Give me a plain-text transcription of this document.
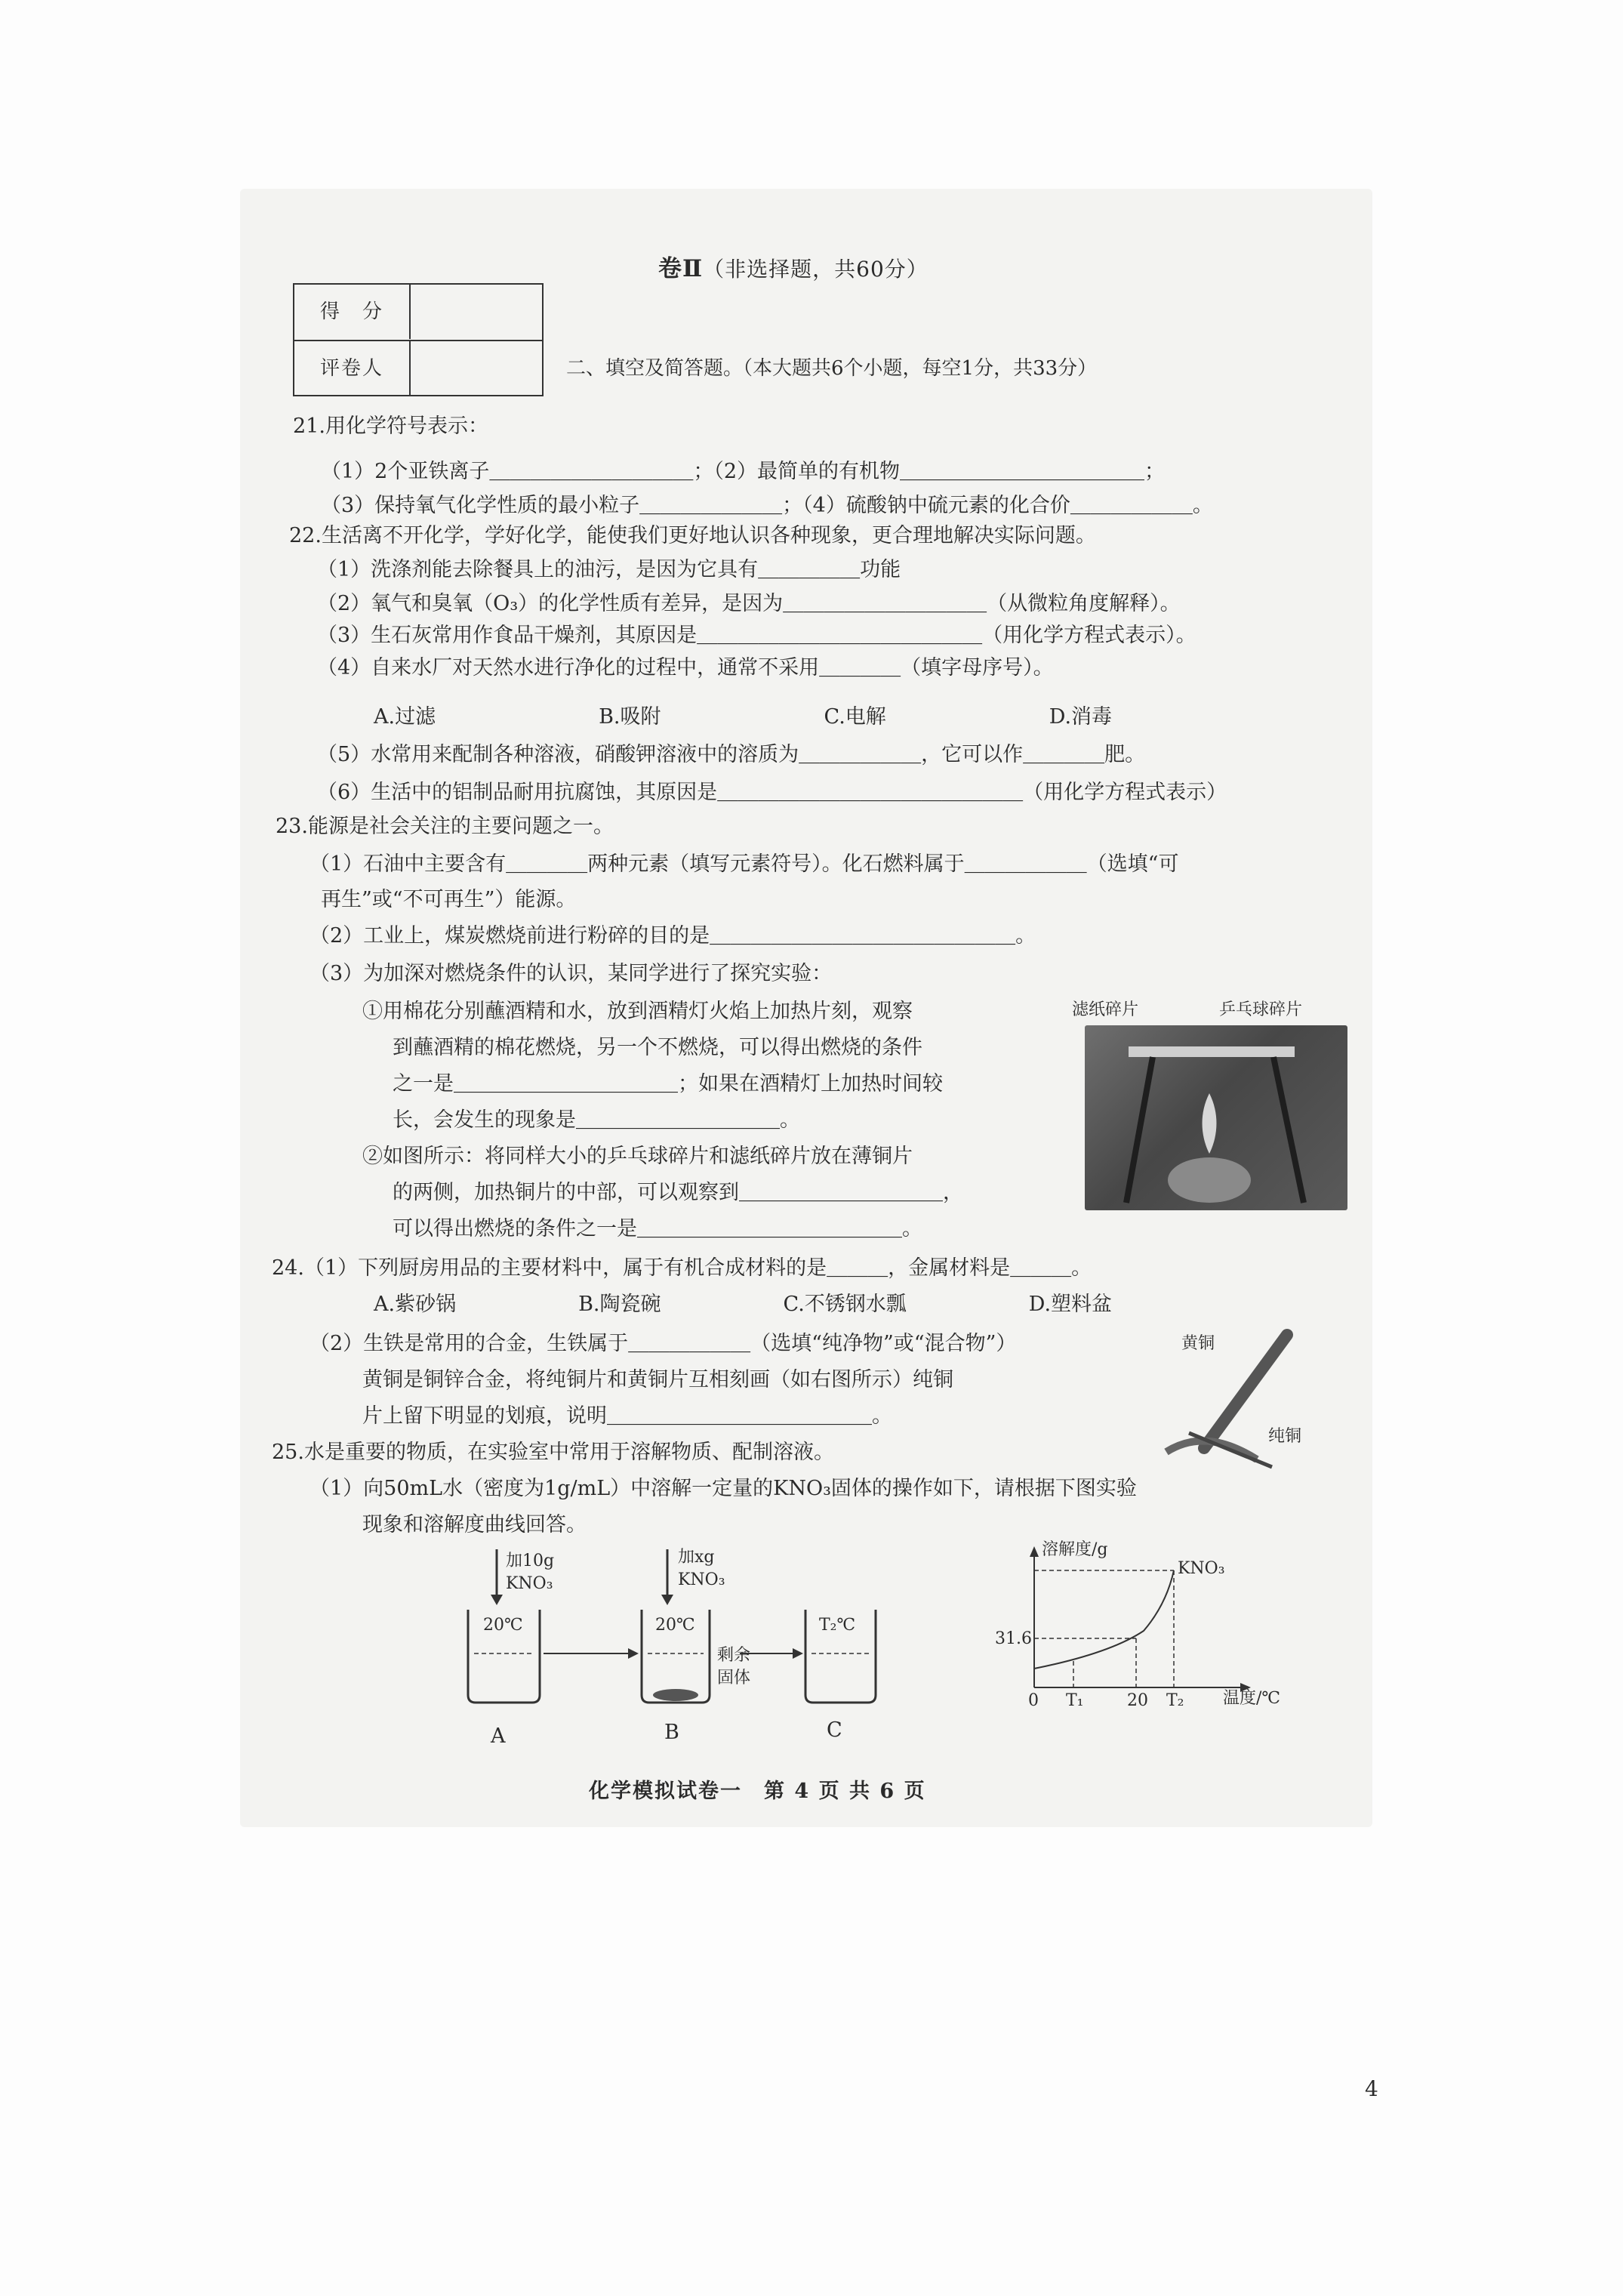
卷Ⅱ（非选择题，共60分）
得　分
评卷人	二、填空及简答题。（本大题共6个小题，每空1分，共33分）
21.用化学符号表示：
（1）2个亚铁离子＿＿＿＿＿＿＿＿＿＿；（2）最简单的有机物＿＿＿＿＿＿＿＿＿＿＿＿；
（3）保持氧气化学性质的最小粒子＿＿＿＿＿＿＿；（4）硫酸钠中硫元素的化合价＿＿＿＿＿＿。
22.生活离不开化学，学好化学，能使我们更好地认识各种现象，更合理地解决实际问题。
（1）洗涤剂能去除餐具上的油污，是因为它具有＿＿＿＿＿功能
（2）氧气和臭氧（O₃）的化学性质有差异，是因为＿＿＿＿＿＿＿＿＿＿（从微粒角度解释）。
（3）生石灰常用作食品干燥剂，其原因是＿＿＿＿＿＿＿＿＿＿＿＿＿＿（用化学方程式表示）。
（4）自来水厂对天然水进行净化的过程中，通常不采用＿＿＿＿（填字母序号）。
A.过滤　　　　　　　　B.吸附　　　　　　　　C.电解　　　　　　　　D.消毒
（5）水常用来配制各种溶液，硝酸钾溶液中的溶质为＿＿＿＿＿＿，它可以作＿＿＿＿肥。
（6）生活中的铝制品耐用抗腐蚀，其原因是＿＿＿＿＿＿＿＿＿＿＿＿＿＿＿（用化学方程式表示）
23.能源是社会关注的主要问题之一。
（1）石油中主要含有＿＿＿＿两种元素（填写元素符号）。化石燃料属于＿＿＿＿＿＿（选填“可
再生”或“不可再生”）能源。
（2）工业上，煤炭燃烧前进行粉碎的目的是＿＿＿＿＿＿＿＿＿＿＿＿＿＿＿。
（3）为加深对燃烧条件的认识，某同学进行了探究实验：
①用棉花分别蘸酒精和水，放到酒精灯火焰上加热片刻，观察
到蘸酒精的棉花燃烧，另一个不燃烧，可以得出燃烧的条件
之一是＿＿＿＿＿＿＿＿＿＿＿；如果在酒精灯上加热时间较
长，会发生的现象是＿＿＿＿＿＿＿＿＿＿。
②如图所示：将同样大小的乒乓球碎片和滤纸碎片放在薄铜片
的两侧，加热铜片的中部，可以观察到＿＿＿＿＿＿＿＿＿＿，
可以得出燃烧的条件之一是＿＿＿＿＿＿＿＿＿＿＿＿＿。
24.（1）下列厨房用品的主要材料中，属于有机合成材料的是＿＿＿，金属材料是＿＿＿。
A.紫砂锅　　　　　　B.陶瓷碗　　　　　　C.不锈钢水瓢　　　　　　D.塑料盆
（2）生铁是常用的合金，生铁属于＿＿＿＿＿＿（选填“纯净物”或“混合物”）
黄铜是铜锌合金，将纯铜片和黄铜片互相刻画（如右图所示）纯铜
片上留下明显的划痕，说明＿＿＿＿＿＿＿＿＿＿＿＿＿。
25.水是重要的物质，在实验室中常用于溶解物质、配制溶液。
（1）向50mL水（密度为1g/mL）中溶解一定量的KNO₃固体的操作如下，请根据下图实验
现象和溶解度曲线回答。
滤纸碎片	乒乓球碎片
黄铜
纯铜
加10g
KNO₃
加xg
KNO₃
20℃	20℃	T₂℃
剩余
固体
A	B	C
溶解度/g
KNO₃
31.6
0 T₁	20 T₂ 温度/℃
化学模拟试卷一　第 4 页 共 6 页
4
